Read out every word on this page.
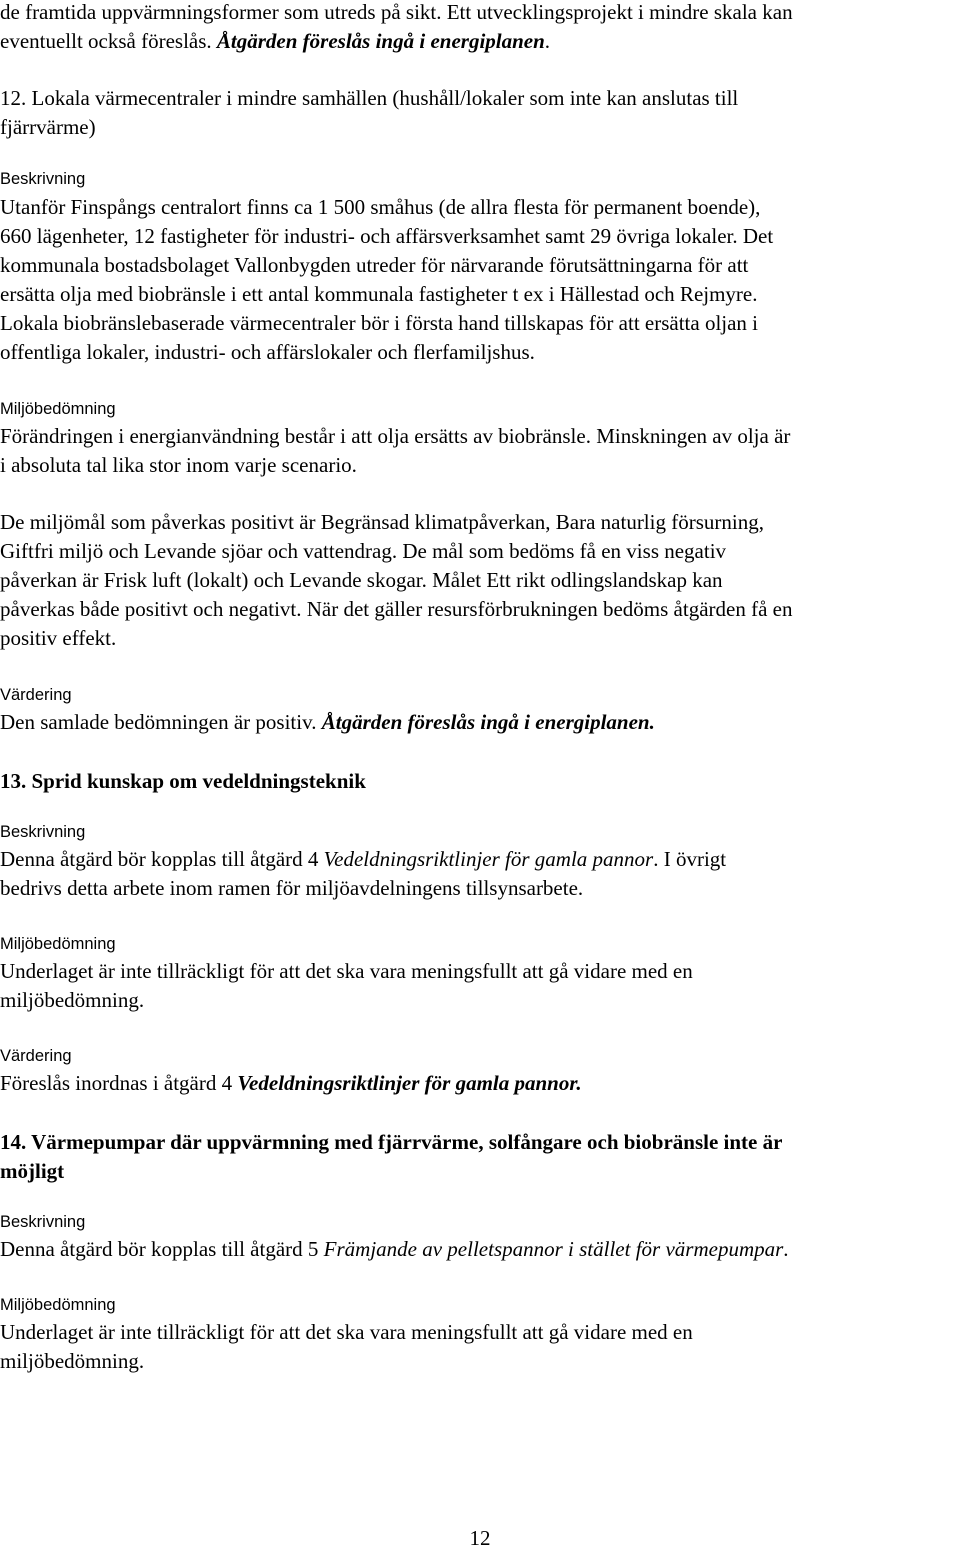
de framtida uppvärmningsformer som utreds på sikt. Ett utvecklingsprojekt i mindre skala kan
eventuellt också föreslås. Åtgärden föreslås ingå i energiplanen.
12. Lokala värmecentraler i mindre samhällen (hushåll/lokaler som inte kan anslutas till
fjärrvärme)
Beskrivning
Utanför Finspångs centralort finns ca 1 500 småhus (de allra flesta för permanent boende),
660 lägenheter, 12 fastigheter för industri- och affärsverksamhet samt 29 övriga lokaler. Det
kommunala bostadsbolaget Vallonbygden utreder för närvarande förutsättningarna för att
ersätta olja med biobränsle i ett antal kommunala fastigheter t ex i Hällestad och Rejmyre.
Lokala biobränslebaserade värmecentraler bör i första hand tillskapas för att ersätta oljan i
offentliga lokaler, industri- och affärslokaler och flerfamiljshus.
Miljöbedömning
Förändringen i energianvändning består i att olja ersätts av biobränsle. Minskningen av olja är
i absoluta tal lika stor inom varje scenario.
De miljömål som påverkas positivt är Begränsad klimatpåverkan, Bara naturlig försurning,
Giftfri miljö och Levande sjöar och vattendrag. De mål som bedöms få en viss negativ
påverkan är Frisk luft (lokalt) och Levande skogar. Målet Ett rikt odlingslandskap kan
påverkas både positivt och negativt. När det gäller resursförbrukningen bedöms åtgärden få en
positiv effekt.
Värdering
Den samlade bedömningen är positiv. Åtgärden föreslås ingå i energiplanen.
13. Sprid kunskap om vedeldningsteknik
Beskrivning
Denna åtgärd bör kopplas till åtgärd 4 Vedeldningsriktlinjer för gamla pannor. I övrigt
bedrivs detta arbete inom ramen för miljöavdelningens tillsynsarbete.
Miljöbedömning
Underlaget är inte tillräckligt för att det ska vara meningsfullt att gå vidare med en
miljöbedömning.
Värdering
Föreslås inordnas i åtgärd 4 Vedeldningsriktlinjer för gamla pannor.
14. Värmepumpar där uppvärmning med fjärrvärme, solfångare och biobränsle inte är
möjligt
Beskrivning
Denna åtgärd bör kopplas till åtgärd 5 Främjande av pelletspannor i stället för värmepumpar.
Miljöbedömning
Underlaget är inte tillräckligt för att det ska vara meningsfullt att gå vidare med en
miljöbedömning.
12
